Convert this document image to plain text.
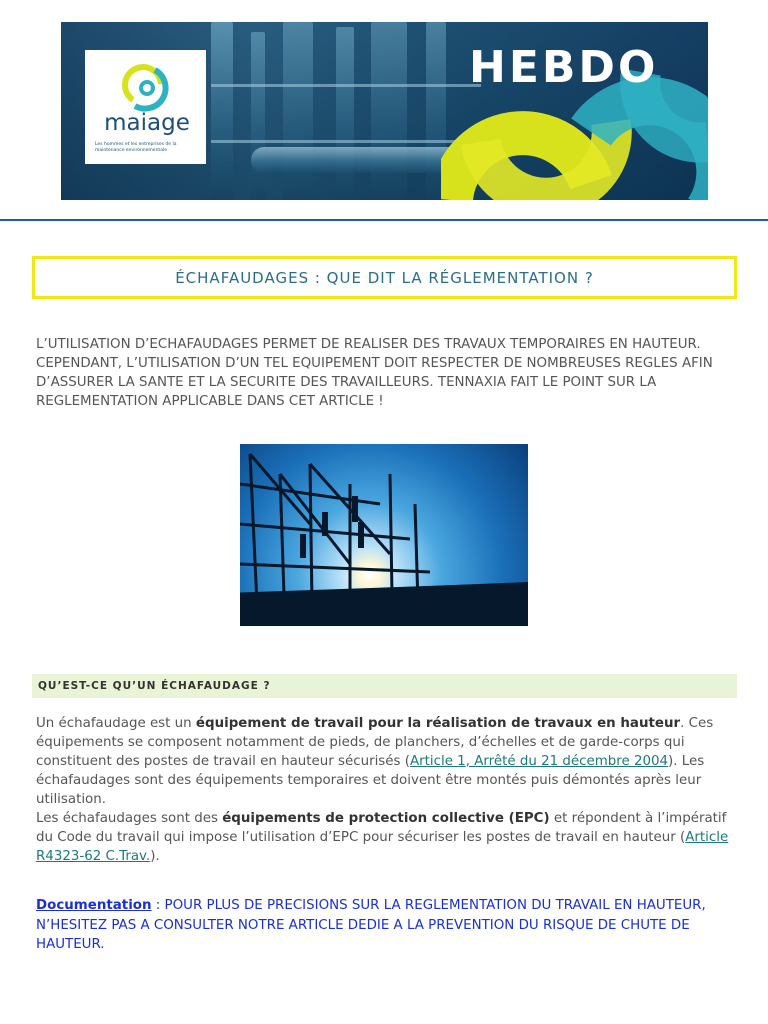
maiage
Les hommes et les entreprises de la maintenance environnementale
HEBDO
ÉCHAFAUDAGES : QUE DIT LA RÉGLEMENTATION ?

L’UTILISATION D’ECHAFAUDAGES PERMET DE REALISER DES TRAVAUX TEMPORAIRES EN HAUTEUR. CEPENDANT, L’UTILISATION D’UN TEL EQUIPEMENT DOIT RESPECTER DE NOMBREUSES REGLES AFIN D’ASSURER LA SANTE ET LA SECURITE DES TRAVAILLEURS. TENNAXIA FAIT LE POINT SUR LA REGLEMENTATION APPLICABLE DANS CET ARTICLE !

QU’EST-CE QU’UN ÉCHAFAUDAGE ?

Un échafaudage est un équipement de travail pour la réalisation de travaux en hauteur. Ces équipements se composent notamment de pieds, de planchers, d’échelles et de garde-corps qui constituent des postes de travail en hauteur sécurisés (Article 1, Arrêté du 21 décembre 2004). Les échafaudages sont des équipements temporaires et doivent être montés puis démontés après leur utilisation.

Les échafaudages sont des équipements de protection collective (EPC) et répondent à l’impératif du Code du travail qui impose l’utilisation d’EPC pour sécuriser les postes de travail en hauteur (Article R4323-62 C.Trav.).

Documentation : POUR PLUS DE PRECISIONS SUR LA REGLEMENTATION DU TRAVAIL EN HAUTEUR, N’HESITEZ PAS A CONSULTER NOTRE ARTICLE DEDIE A LA PREVENTION DU RISQUE DE CHUTE DE HAUTEUR.
